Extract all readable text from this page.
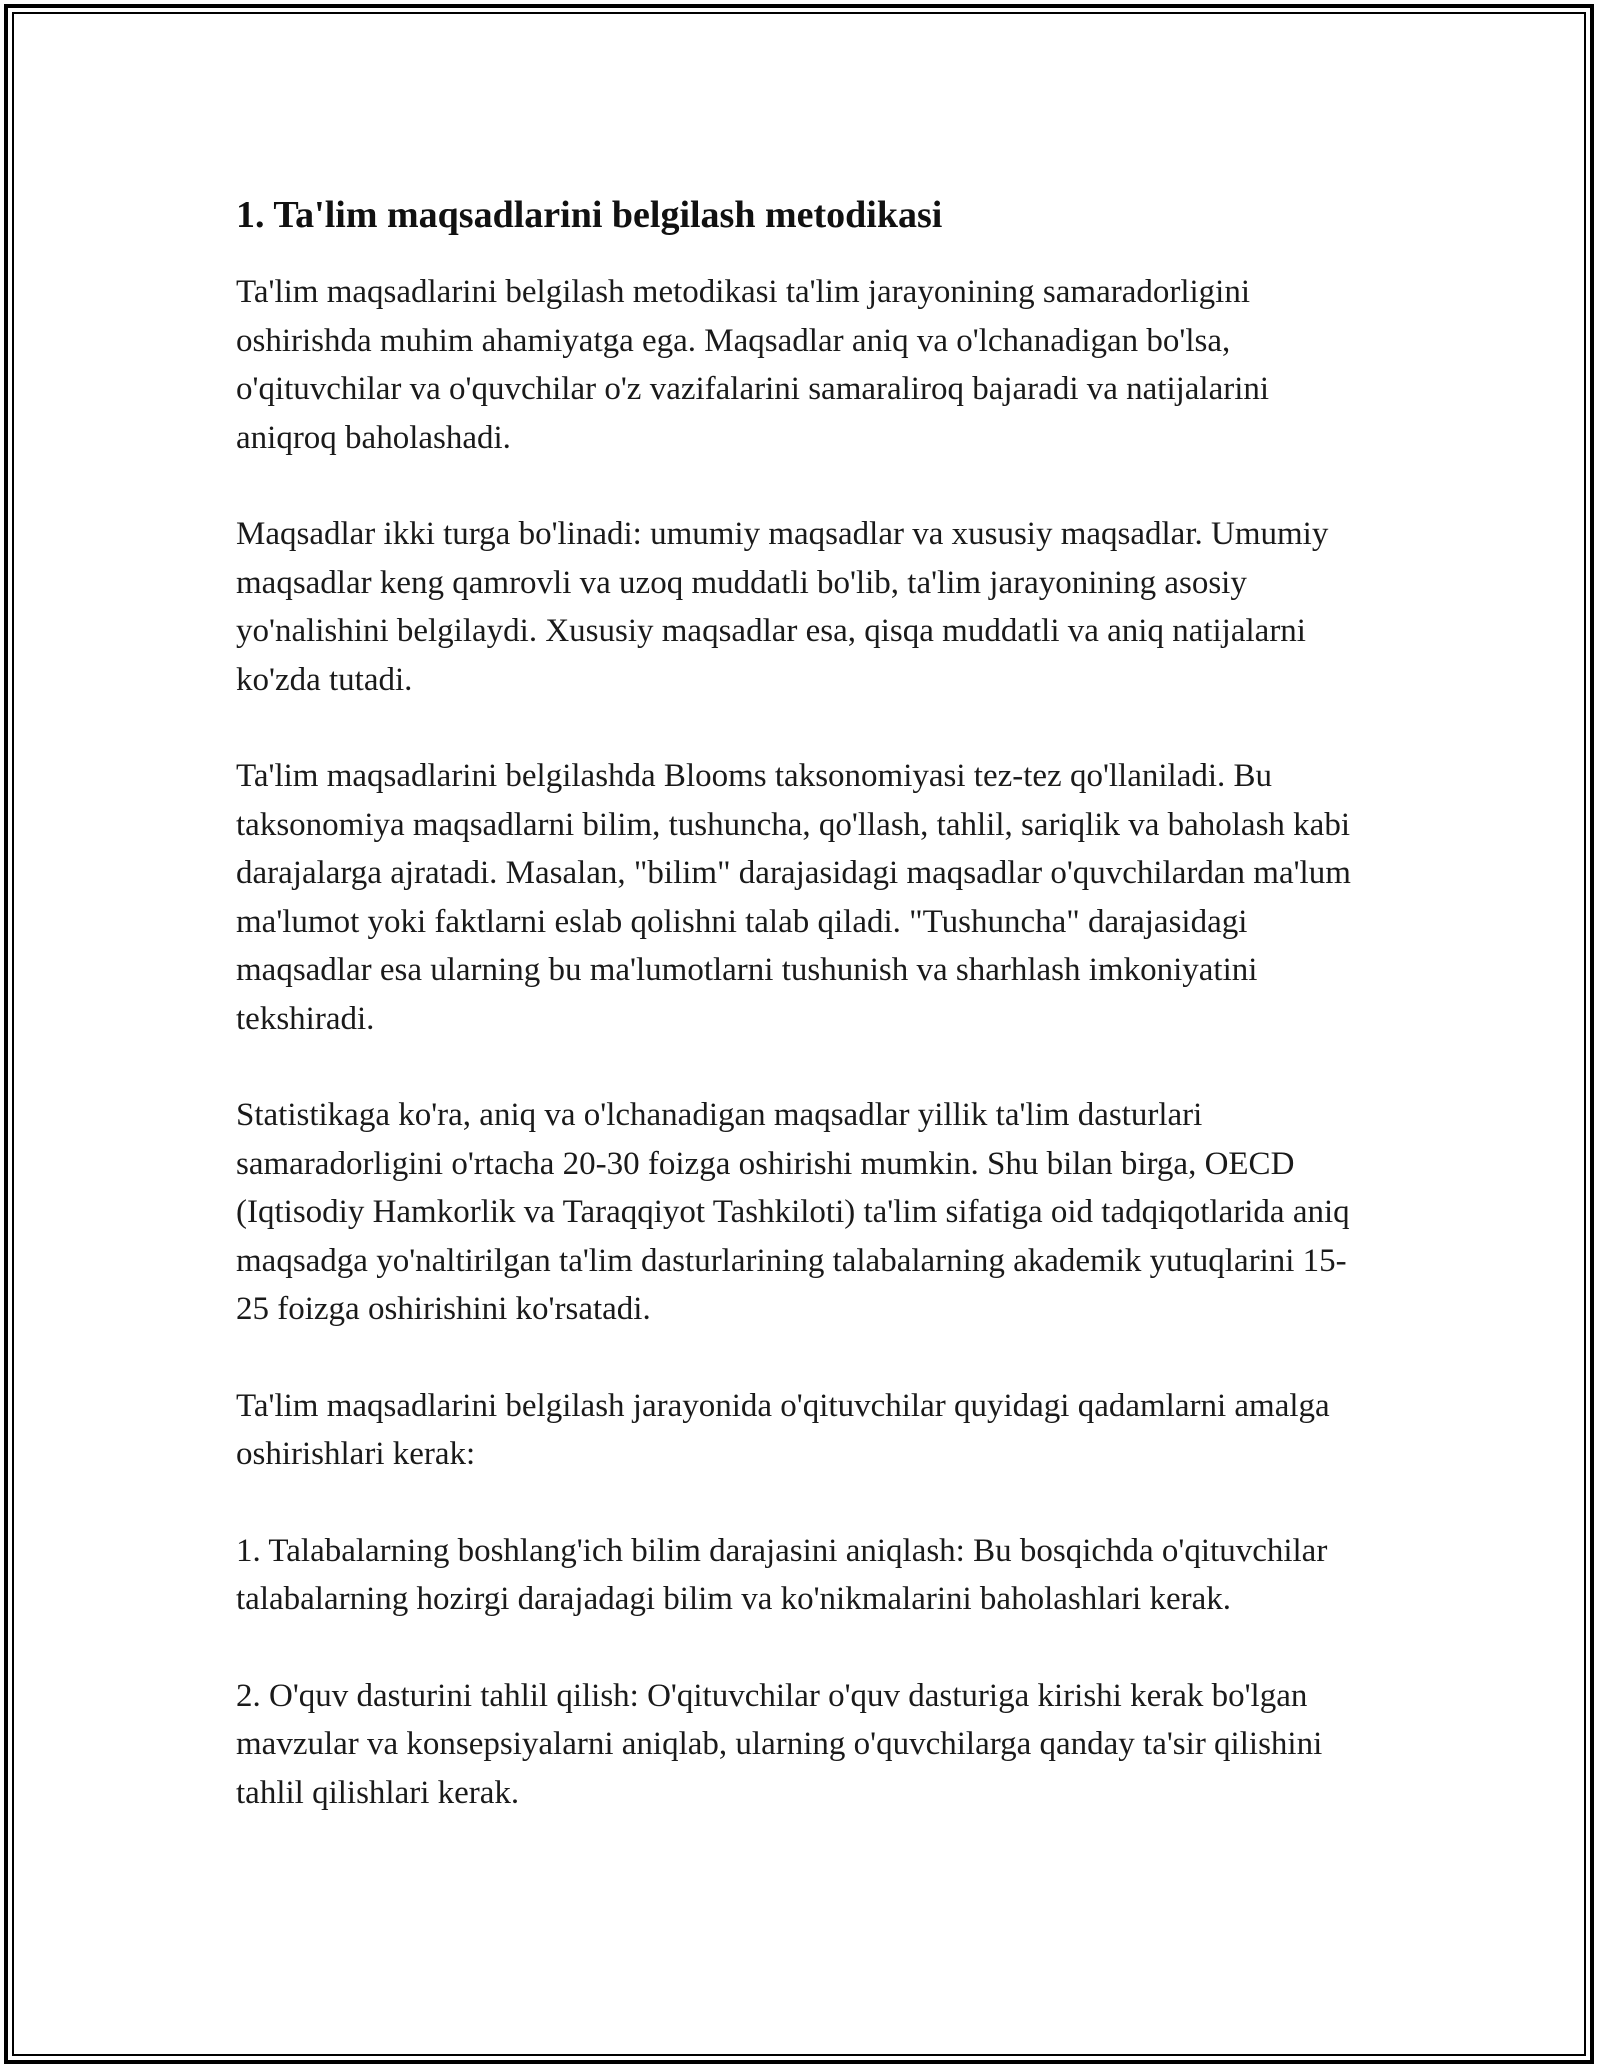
1. Ta'lim maqsadlarini belgilash metodikasi

Ta'lim maqsadlarini belgilash metodikasi ta'lim jarayonining samaradorligini oshirishda muhim ahamiyatga ega. Maqsadlar aniq va o'lchanadigan bo'lsa, o'qituvchilar va o'quvchilar o'z vazifalarini samaraliroq bajaradi va natijalarini aniqroq baholashadi.

Maqsadlar ikki turga bo'linadi: umumiy maqsadlar va xususiy maqsadlar. Umumiy maqsadlar keng qamrovli va uzoq muddatli bo'lib, ta'lim jarayonining asosiy yo'nalishini belgilaydi. Xususiy maqsadlar esa, qisqa muddatli va aniq natijalarni ko'zda tutadi.

Ta'lim maqsadlarini belgilashda Blooms taksonomiyasi tez-tez qo'llaniladi. Bu taksonomiya maqsadlarni bilim, tushuncha, qo'llash, tahlil, sariqlik va baholash kabi darajalarga ajratadi. Masalan, "bilim" darajasidagi maqsadlar o'quvchilardan ma'lum ma'lumot yoki faktlarni eslab qolishni talab qiladi. "Tushuncha" darajasidagi maqsadlar esa ularning bu ma'lumotlarni tushunish va sharhlash imkoniyatini tekshiradi.

Statistikaga ko'ra, aniq va o'lchanadigan maqsadlar yillik ta'lim dasturlari samaradorligini o'rtacha 20-30 foizga oshirishi mumkin. Shu bilan birga, OECD (Iqtisodiy Hamkorlik va Taraqqiyot Tashkiloti) ta'lim sifatiga oid tadqiqotlarida aniq maqsadga yo'naltirilgan ta'lim dasturlarining talabalarning akademik yutuqlarini 15-25 foizga oshirishini ko'rsatadi.

Ta'lim maqsadlarini belgilash jarayonida o'qituvchilar quyidagi qadamlarni amalga oshirishlari kerak:

1. Talabalarning boshlang'ich bilim darajasini aniqlash: Bu bosqichda o'qituvchilar talabalarning hozirgi darajadagi bilim va ko'nikmalarini baholashlari kerak.

2. O'quv dasturini tahlil qilish: O'qituvchilar o'quv dasturiga kirishi kerak bo'lgan mavzular va konsepsiyalarni aniqlab, ularning o'quvchilarga qanday ta'sir qilishini tahlil qilishlari kerak.
